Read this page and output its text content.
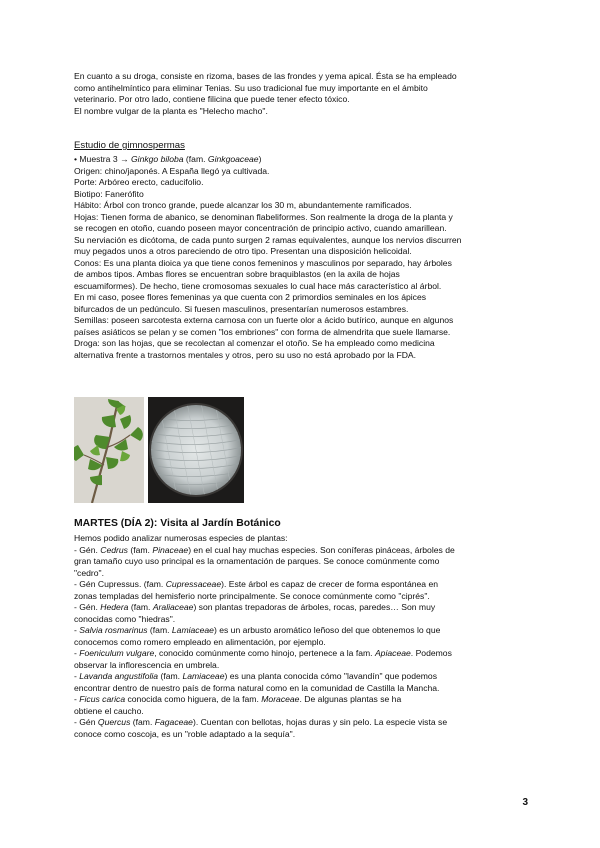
En cuanto a su droga, consiste en rizoma, bases de las frondes y yema apical. Ésta se ha empleado

como antihelmíntico para eliminar Tenias. Su uso tradicional fue muy importante en el ámbito

veterinario. Por otro lado, contiene filicina que puede tener efecto tóxico.

El nombre vulgar de la planta es "Helecho macho".

Estudio de gimnospermas

• Muestra 3 → Ginkgo biloba (fam. Ginkgoaceae)

Origen: chino/japonés. A España llegó ya cultivada.

Porte: Arbóreo erecto, caducifolio.

Biotipo: Fanerófito

Hábito: Árbol con tronco grande, puede alcanzar los 30 m, abundantemente ramificados.

Hojas: Tienen forma de abanico, se denominan flabeliformes. Son realmente la droga de la planta y

se recogen en otoño, cuando poseen mayor concentración de principio activo, cuando amarillean.

Su nerviación es dicótoma, de cada punto surgen 2 ramas equivalentes, aunque los nervios discurren

muy pegados unos a otros pareciendo de otro tipo. Presentan una disposición helicoidal.

Conos: Es una planta dioica ya que tiene conos femeninos y masculinos por separado, hay árboles

de ambos tipos. Ambas flores se encuentran sobre braquiblastos (en la axila de hojas

escuamiformes). De hecho, tiene cromosomas sexuales lo cual hace más característico al árbol.

En mi caso, posee flores femeninas ya que cuenta con 2 primordios seminales en los ápices

bifurcados de un pedúnculo. Si fuesen masculinos, presentarían numerosos estambres.

Semillas: poseen sarcotesta externa carnosa con un fuerte olor a ácido butírico, aunque en algunos

países asiáticos se pelan y se comen "los embriones" con forma de almendrita que suele llamarse.

Droga: son las hojas, que se recolectan al comenzar el otoño. Se ha empleado como medicina

alternativa frente a trastornos mentales y otros, pero su uso no está aprobado por la FDA.

MARTES (DÍA 2): Visita al Jardín Botánico

Hemos podido analizar numerosas especies de plantas:

- Gén. Cedrus (fam. Pinaceae) en el cual hay muchas especies. Son coníferas pináceas, árboles de

gran tamaño cuyo uso principal es la ornamentación de parques. Se conoce comúnmente como

"cedro".

- Gén Cupressus. (fam. Cupressaceae). Este árbol es capaz de crecer de forma espontánea en

zonas templadas del hemisferio norte principalmente. Se conoce comúnmente como "ciprés".

- Gén. Hedera (fam. Araliaceae) son plantas trepadoras de árboles, rocas, paredes… Son muy

conocidas como "hiedras".

- Salvia rosmarinus (fam. Lamiaceae) es un arbusto aromático leñoso del que obtenemos lo que

conocemos como romero empleado en alimentación, por ejemplo.

- Foeniculum vulgare, conocido comúnmente como hinojo, pertenece a la fam. Apiaceae. Podemos

observar la inflorescencia en umbrela.

- Lavanda angustifolia (fam. Lamiaceae) es una planta conocida cómo "lavandín" que podemos

encontrar dentro de nuestro país de forma natural como en la comunidad de Castilla la Mancha.

- Ficus carica conocida como higuera, de la fam. Moraceae. De algunas plantas se ha

obtiene el caucho.

- Gén Quercus (fam. Fagaceae). Cuentan con bellotas, hojas duras y sin pelo. La especie vista se

conoce como coscoja, es un "roble adaptado a la sequía".

3
